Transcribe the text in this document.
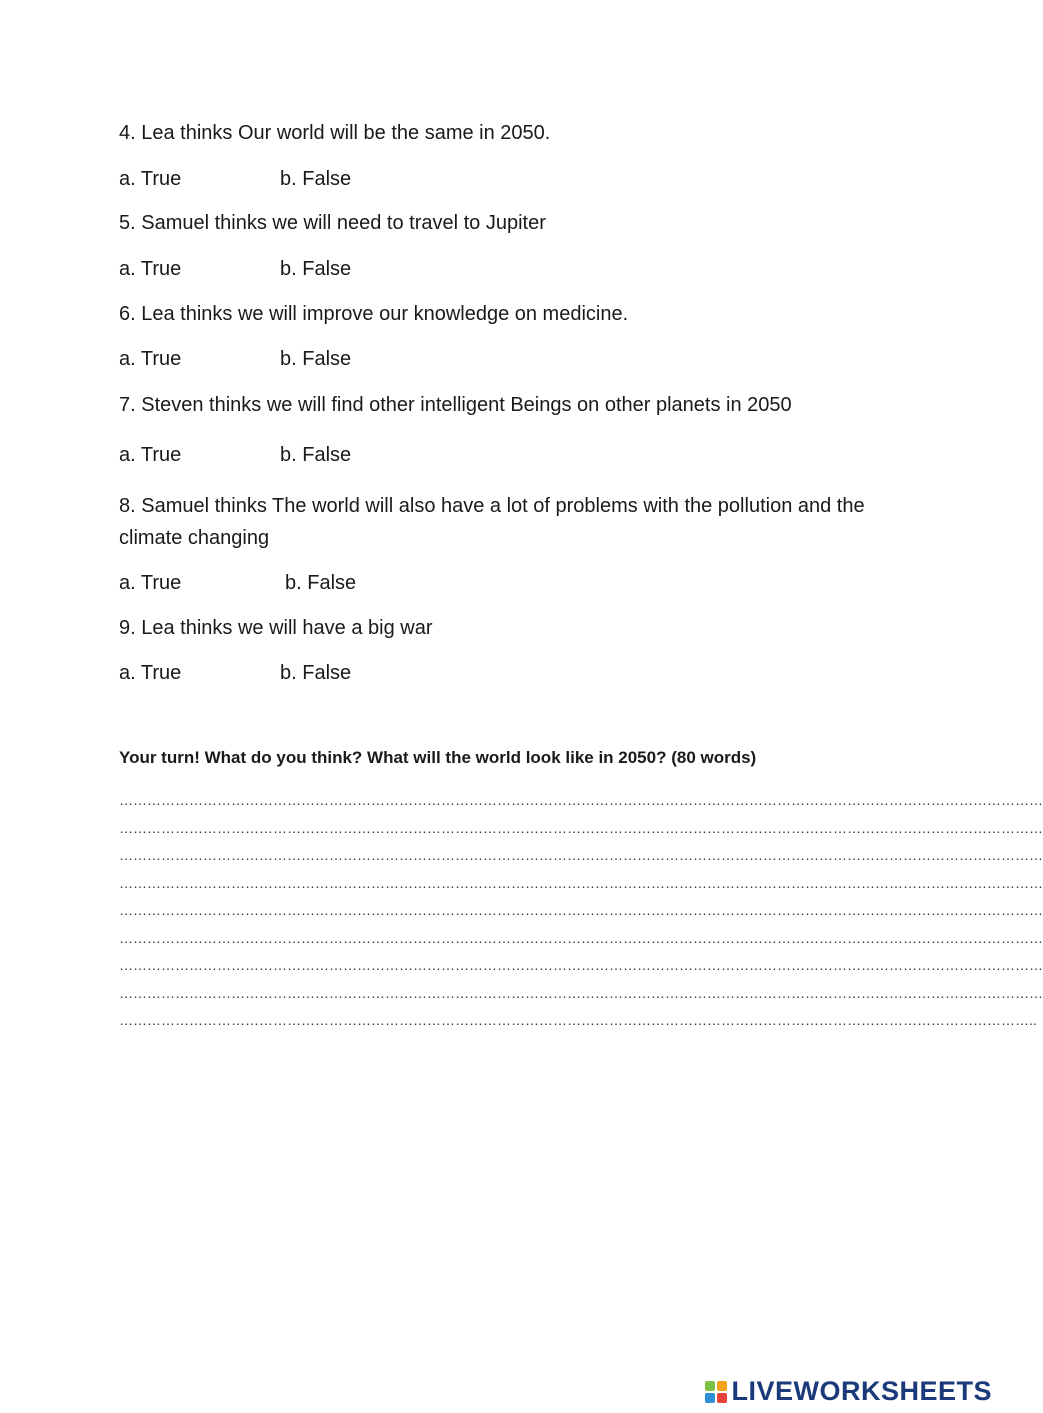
4. Lea thinks Our world will be the same in 2050.
a. True	b. False
5. Samuel thinks we will need to travel to Jupiter
a. True	b. False
6. Lea thinks we will improve our knowledge on medicine.
a. True	b. False
7. Steven thinks we will find other intelligent Beings on other planets in 2050
a. True	b. False
8. Samuel thinks The world will also have a lot of problems with the pollution and the climate changing
a. True	b. False
9. Lea thinks we will have a big war
a. True	b. False
Your turn! What do you think? What will the world look like in 2050? (80 words)
………………………………………………………………………………………………………………………………………………………………………………
………………………………………………………………………………………………………………………………………………………………………………
………………………………………………………………………………………………………………………………………………………………………………
………………………………………………………………………………………………………………………………………………………………………………
………………………………………………………………………………………………………………………………………………………………………………
………………………………………………………………………………………………………………………………………………………………………………
………………………………………………………………………………………………………………………………………………………………………………
………………………………………………………………………………………………………………………………………………………………………………
……………………………………………………………………………………………………………………………………………………………………………..
LIVEWORKSHEETS
